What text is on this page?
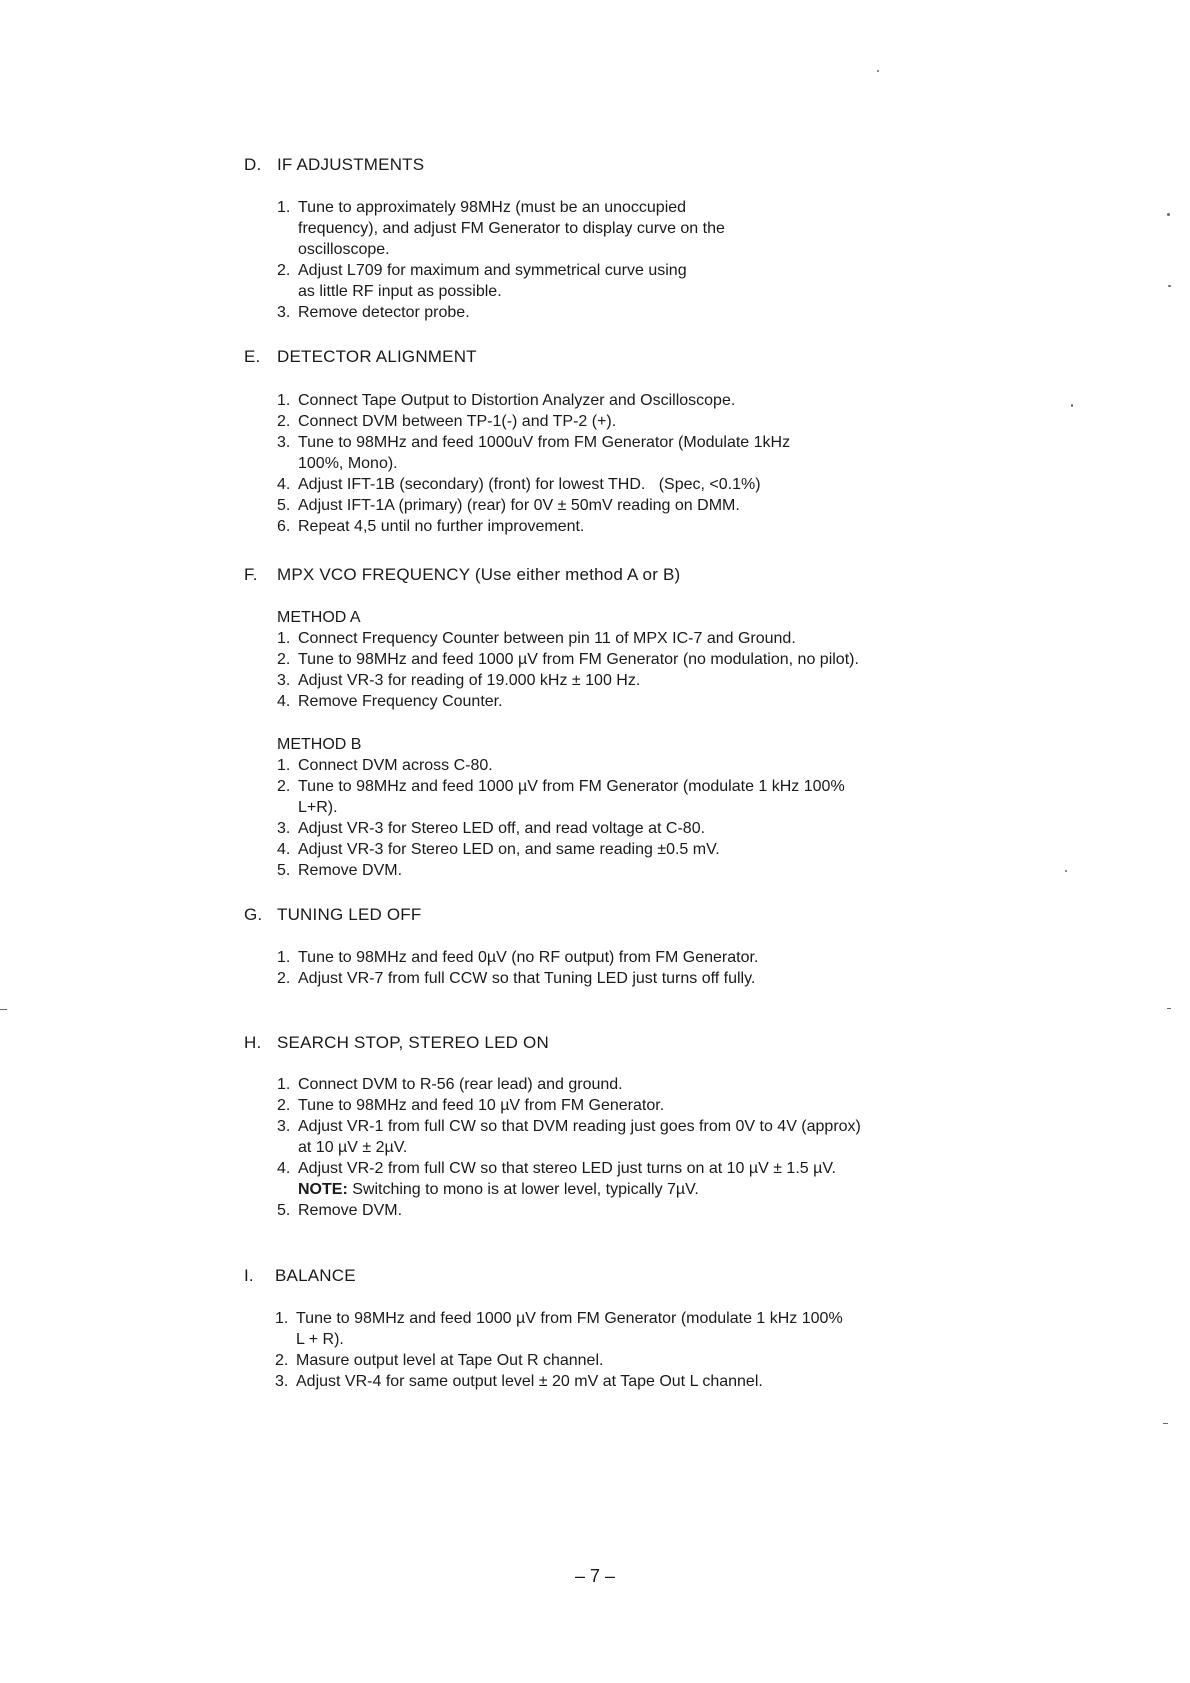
D. IF ADJUSTMENTS
1. Tune to approximately 98MHz (must be an unoccupied
frequency), and adjust FM Generator to display curve on the
oscilloscope.
2. Adjust L709 for maximum and symmetrical curve using
as little RF input as possible.
3. Remove detector probe.
E. DETECTOR ALIGNMENT
1. Connect Tape Output to Distortion Analyzer and Oscilloscope.
2. Connect DVM between TP-1(-) and TP-2 (+).
3. Tune to 98MHz and feed 1000uV from FM Generator (Modulate 1kHz
100%, Mono).
4. Adjust IFT-1B (secondary) (front) for lowest THD.   (Spec, <0.1%)
5. Adjust IFT-1A (primary) (rear) for 0V ± 50mV reading on DMM.
6. Repeat 4,5 until no further improvement.
F. MPX VCO FREQUENCY (Use either method A or B)
METHOD A
1. Connect Frequency Counter between pin 11 of MPX IC-7 and Ground.
2. Tune to 98MHz and feed 1000 µV from FM Generator (no modulation, no pilot).
3. Adjust VR-3 for reading of 19.000 kHz ± 100 Hz.
4. Remove Frequency Counter.
METHOD B
1. Connect DVM across C-80.
2. Tune to 98MHz and feed 1000 µV from FM Generator (modulate 1 kHz 100%
L+R).
3. Adjust VR-3 for Stereo LED off, and read voltage at C-80.
4. Adjust VR-3 for Stereo LED on, and same reading ±0.5 mV.
5. Remove DVM.
G. TUNING LED OFF
1. Tune to 98MHz and feed 0µV (no RF output) from FM Generator.
2. Adjust VR-7 from full CCW so that Tuning LED just turns off fully.
H. SEARCH STOP, STEREO LED ON
1. Connect DVM to R-56 (rear lead) and ground.
2. Tune to 98MHz and feed 10 µV from FM Generator.
3. Adjust VR-1 from full CW so that DVM reading just goes from 0V to 4V (approx)
at 10 µV ± 2µV.
4. Adjust VR-2 from full CW so that stereo LED just turns on at 10 µV ± 1.5 µV.
NOTE: Switching to mono is at lower level, typically 7µV.
5. Remove DVM.
I. BALANCE
1. Tune to 98MHz and feed 1000 µV from FM Generator (modulate 1 kHz 100%
L + R).
2. Masure output level at Tape Out R channel.
3. Adjust VR-4 for same output level ± 20 mV at Tape Out L channel.
– 7 –
